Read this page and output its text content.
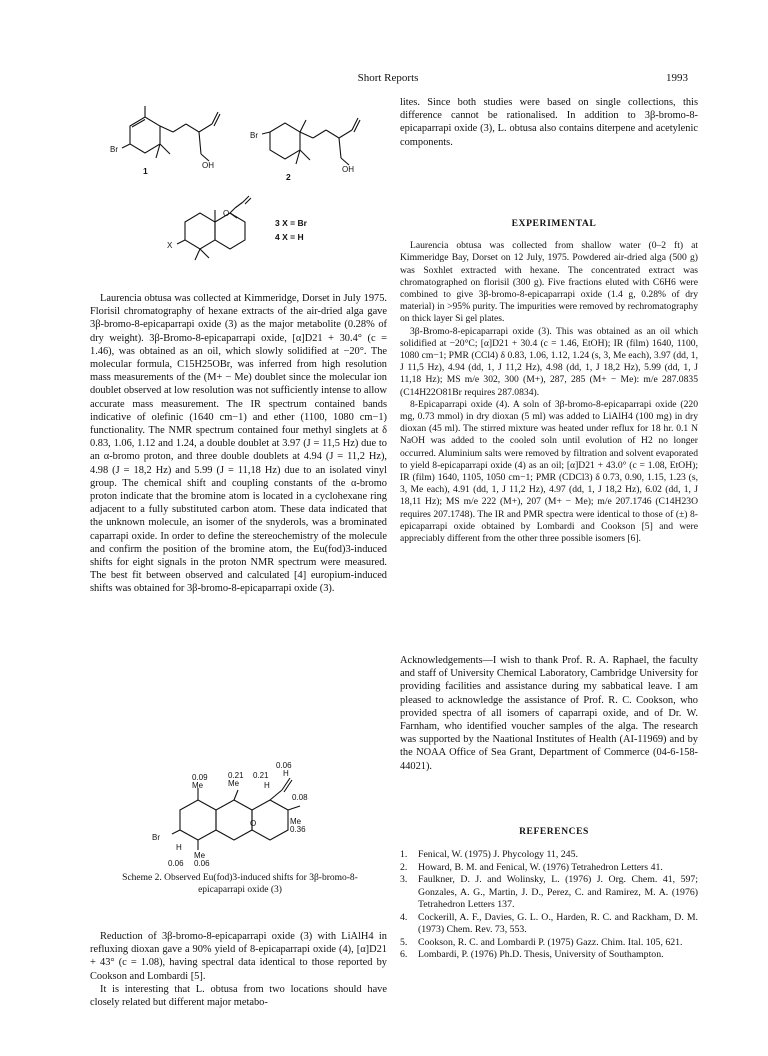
Short Reports	1993
Br
OH
1
Br
OH
2
O
X
3 X = Br
4 X = H

Laurencia obtusa was collected at Kimmeridge, Dorset in July 1975. Florisil chromatography of hexane extracts of the air-dried alga gave 3β-bromo-8-epicaparrapi oxide (3) as the major metabolite (0.28% of dry weight). 3β-Bromo-8-epicaparrapi oxide, [α]D21 + 30.4° (c = 1.46), was obtained as an oil, which slowly solidified at −20°. The molecular formula, C15H25OBr, was inferred from high resolution mass measurements of the (M+ − Me) doublet since the molecular ion doublet observed at low resolution was not sufficiently intense to allow accurate mass measurement. The IR spectrum contained bands indicative of olefinic (1640 cm−1) and ether (1100, 1080 cm−1) functionality. The NMR spectrum contained four methyl singlets at δ 0.83, 1.06, 1.12 and 1.24, a double doublet at 3.97 (J = 11,5 Hz) due to an α-bromo proton, and three double doublets at 4.94 (J = 11,2 Hz), 4.98 (J = 18,2 Hz) and 5.99 (J = 11,18 Hz) due to an isolated vinyl group. The chemical shift and coupling constants of the α-bromo proton indicate that the bromine atom is located in a cyclohexane ring adjacent to a fully substituted carbon atom. These data indicated that the unknown molecule, an isomer of the snyderols, was a brominated caparrapi oxide. In order to define the stereochemistry of the molecule and confirm the position of the bromine atom, the Eu(fod)3-induced shifts for eight signals in the proton NMR spectrum were measured. The best fit between observed and calculated [4] europium-induced shifts was obtained for 3β-bromo-8-epicaparrapi oxide (3).

0.06
0.21 H
H
0.08
0.09
Me	Me
0.21
O	Me
0.36
Br
H
Me
0.06
0.06
Scheme 2. Observed Eu(fod)3-induced shifts for 3β-bromo-8-epicaparrapi oxide (3)

Reduction of 3β-bromo-8-epicaparrapi oxide (3) with LiAlH4 in refluxing dioxan gave a 90% yield of 8-epicaparrapi oxide (4), [α]D21 + 43° (c = 1.08), having spectral data identical to those reported by Cookson and Lombardi [5].

It is interesting that L. obtusa from two locations should have closely related but different major metabo-

lites. Since both studies were based on single collections, this difference cannot be rationalised. In addition to 3β-bromo-8-epicaparrapi oxide (3), L. obtusa also contains diterpene and acetylenic components.

EXPERIMENTAL

Laurencia obtusa was collected from shallow water (0–2 ft) at Kimmeridge Bay, Dorset on 12 July, 1975. Powdered air-dried alga (500 g) was Soxhlet extracted with hexane. The concentrated extract was chromatographed on florisil (300 g). Five fractions eluted with C6H6 were combined to give 3β-bromo-8-epicaparrapi oxide (1.4 g, 0.28% of dry material) in >95% purity. The impurities were removed by rechromatography on thick layer Si gel plates.

3β-Bromo-8-epicaparrapi oxide (3). This was obtained as an oil which solidified at −20°C; [α]D21 + 30.4 (c = 1.46, EtOH); IR (film) 1640, 1100, 1080 cm−1; PMR (CCl4) δ 0.83, 1.06, 1.12, 1.24 (s, 3, Me each), 3.97 (dd, 1, J 11,5 Hz), 4.94 (dd, 1, J 11,2 Hz), 4.98 (dd, 1, J 18,2 Hz), 5.99 (dd, 1, J 11,18 Hz); MS m/e 302, 300 (M+), 287, 285 (M+ − Me): m/e 287.0835 (C14H22O81Br requires 287.0834).

8-Epicaparrapi oxide (4). A soln of 3β-bromo-8-epicaparrapi oxide (220 mg, 0.73 mmol) in dry dioxan (5 ml) was added to LiAlH4 (100 mg) in dry dioxan (45 ml). The stirred mixture was heated under reflux for 18 hr. 0.1 N NaOH was added to the cooled soln until evolution of H2 no longer occurred. Aluminium salts were removed by filtration and solvent evaporated to yield 8-epicaparrapi oxide (4) as an oil; [α]D21 + 43.0° (c = 1.08, EtOH); IR (film) 1640, 1105, 1050 cm−1; PMR (CDCl3) δ 0.73, 0.90, 1.15, 1.23 (s, 3, Me each), 4.91 (dd, 1, J 11,2 Hz), 4.97 (dd, 1, J 18,2 Hz), 6.02 (dd, 1, J 18,11 Hz); MS m/e 222 (M+), 207 (M+ − Me); m/e 207.1746 (C14H23O requires 207.1748). The IR and PMR spectra were identical to those of (±) 8-epicaparrapi oxide obtained by Lombardi and Cookson [5] and were appreciably different from the other three possible isomers [6].

Acknowledgements—I wish to thank Prof. R. A. Raphael, the faculty and staff of University Chemical Laboratory, Cambridge University for providing facilities and assistance during my sabbatical leave. I am pleased to acknowledge the assistance of Prof. R. C. Cookson, who provided spectra of all isomers of caparrapi oxide, and of Dr. W. Farnham, who identified voucher samples of the alga. The research was supported by the Naational Institutes of Health (AI-11969) and by the NOAA Office of Sea Grant, Department of Commerce (04-6-158-44021).

REFERENCES

1. Fenical, W. (1975) J. Phycology 11, 245.
2. Howard, B. M. and Fenical, W. (1976) Tetrahedron Letters 41.
3. Faulkner, D. J. and Wolinsky, L. (1976) J. Org. Chem. 41, 597; Gonzales, A. G., Martin, J. D., Perez, C. and Ramirez, M. A. (1976) Tetrahedron Letters 137.
4. Cockerill, A. F., Davies, G. L. O., Harden, R. C. and Rackham, D. M. (1973) Chem. Rev. 73, 553.
5. Cookson, R. C. and Lombardi P. (1975) Gazz. Chim. Ital. 105, 621.
6. Lombardi, P. (1976) Ph.D. Thesis, University of Southampton.
